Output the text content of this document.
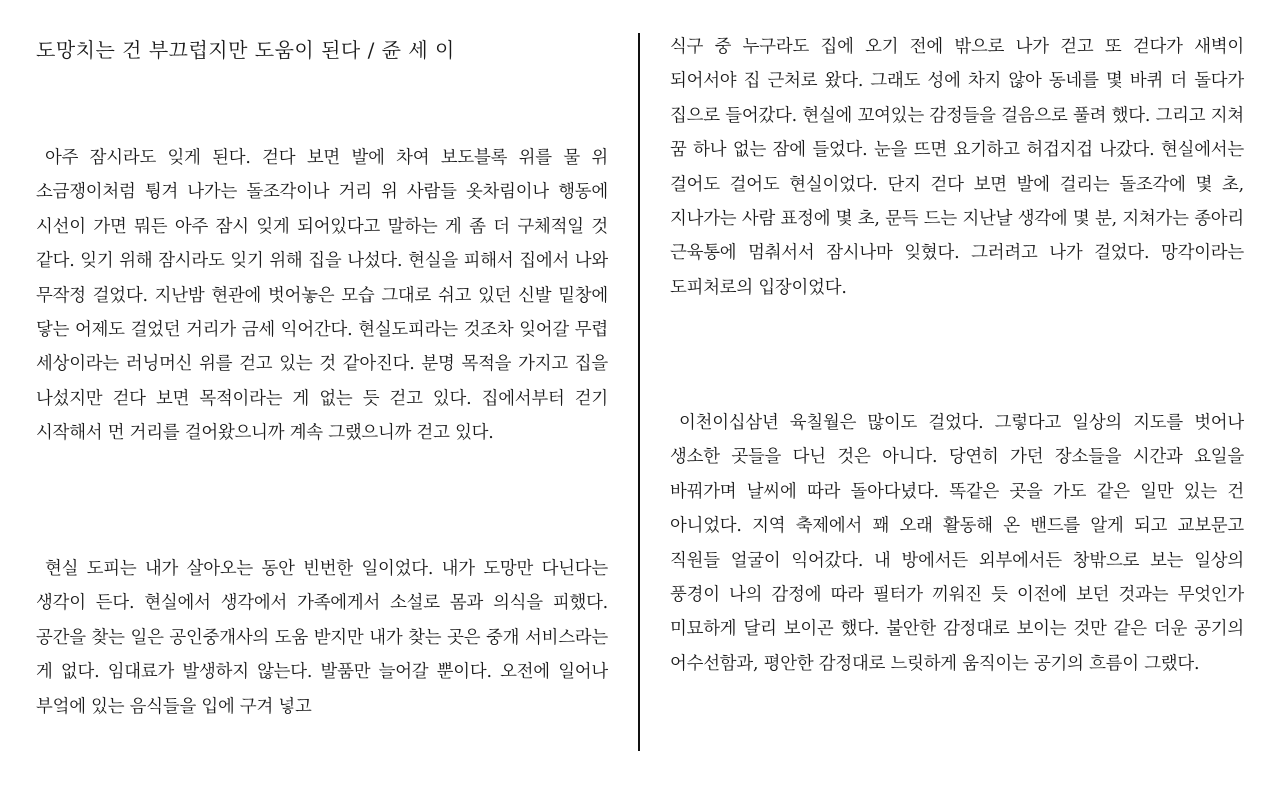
도망치는 건 부끄럽지만 도움이 된다 / 쥰 세 이

아주 잠시라도 잊게 된다. 걷다 보면 발에 차여 보도블록 위를 물 위 소금쟁이처럼 튕겨 나가는 돌조각이나 거리 위 사람들 옷차림이나 행동에 시선이 가면 뭐든 아주 잠시 잊게 되어있다고 말하는 게 좀 더 구체적일 것 같다. 잊기 위해 잠시라도 잊기 위해 집을 나섰다. 현실을 피해서 집에서 나와 무작정 걸었다. 지난밤 현관에 벗어놓은 모습 그대로 쉬고 있던 신발 밑창에 닿는 어제도 걸었던 거리가 금세 익어간다. 현실도피라는 것조차 잊어갈 무렵 세상이라는 러닝머신 위를 걷고 있는 것 같아진다. 분명 목적을 가지고 집을 나섰지만 걷다 보면 목적이라는 게 없는 듯 걷고 있다. 집에서부터 걷기 시작해서 먼 거리를 걸어왔으니까 계속 그랬으니까 걷고 있다.

현실 도피는 내가 살아오는 동안 빈번한 일이었다. 내가 도망만 다닌다는 생각이 든다. 현실에서 생각에서 가족에게서 소설로 몸과 의식을 피했다. 공간을 찾는 일은 공인중개사의 도움 받지만 내가 찾는 곳은 중개 서비스라는 게 없다. 임대료가 발생하지 않는다. 발품만 늘어갈 뿐이다. 오전에 일어나 부엌에 있는 음식들을 입에 구겨 넣고

식구 중 누구라도 집에 오기 전에 밖으로 나가 걷고 또 걷다가 새벽이 되어서야 집 근처로 왔다. 그래도 성에 차지 않아 동네를 몇 바퀴 더 돌다가 집으로 들어갔다. 현실에 꼬여있는 감정들을 걸음으로 풀려 했다. 그리고 지쳐 꿈 하나 없는 잠에 들었다. 눈을 뜨면 요기하고 허겁지겁 나갔다. 현실에서는 걸어도 걸어도 현실이었다. 단지 걷다 보면 발에 걸리는 돌조각에 몇 초, 지나가는 사람 표정에 몇 초, 문득 드는 지난날 생각에 몇 분, 지쳐가는 종아리 근육통에 멈춰서서 잠시나마 잊혔다. 그러려고 나가 걸었다. 망각이라는 도피처로의 입장이었다.

이천이십삼년 육칠월은 많이도 걸었다. 그렇다고 일상의 지도를 벗어나 생소한 곳들을 다닌 것은 아니다. 당연히 가던 장소들을 시간과 요일을 바꿔가며 날씨에 따라 돌아다녔다. 똑같은 곳을 가도 같은 일만 있는 건 아니었다. 지역 축제에서 꽤 오래 활동해 온 밴드를 알게 되고 교보문고 직원들 얼굴이 익어갔다. 내 방에서든 외부에서든 창밖으로 보는 일상의 풍경이 나의 감정에 따라 필터가 끼워진 듯 이전에 보던 것과는 무엇인가 미묘하게 달리 보이곤 했다. 불안한 감정대로 보이는 것만 같은 더운 공기의 어수선함과, 평안한 감정대로 느릿하게 움직이는 공기의 흐름이 그랬다.
